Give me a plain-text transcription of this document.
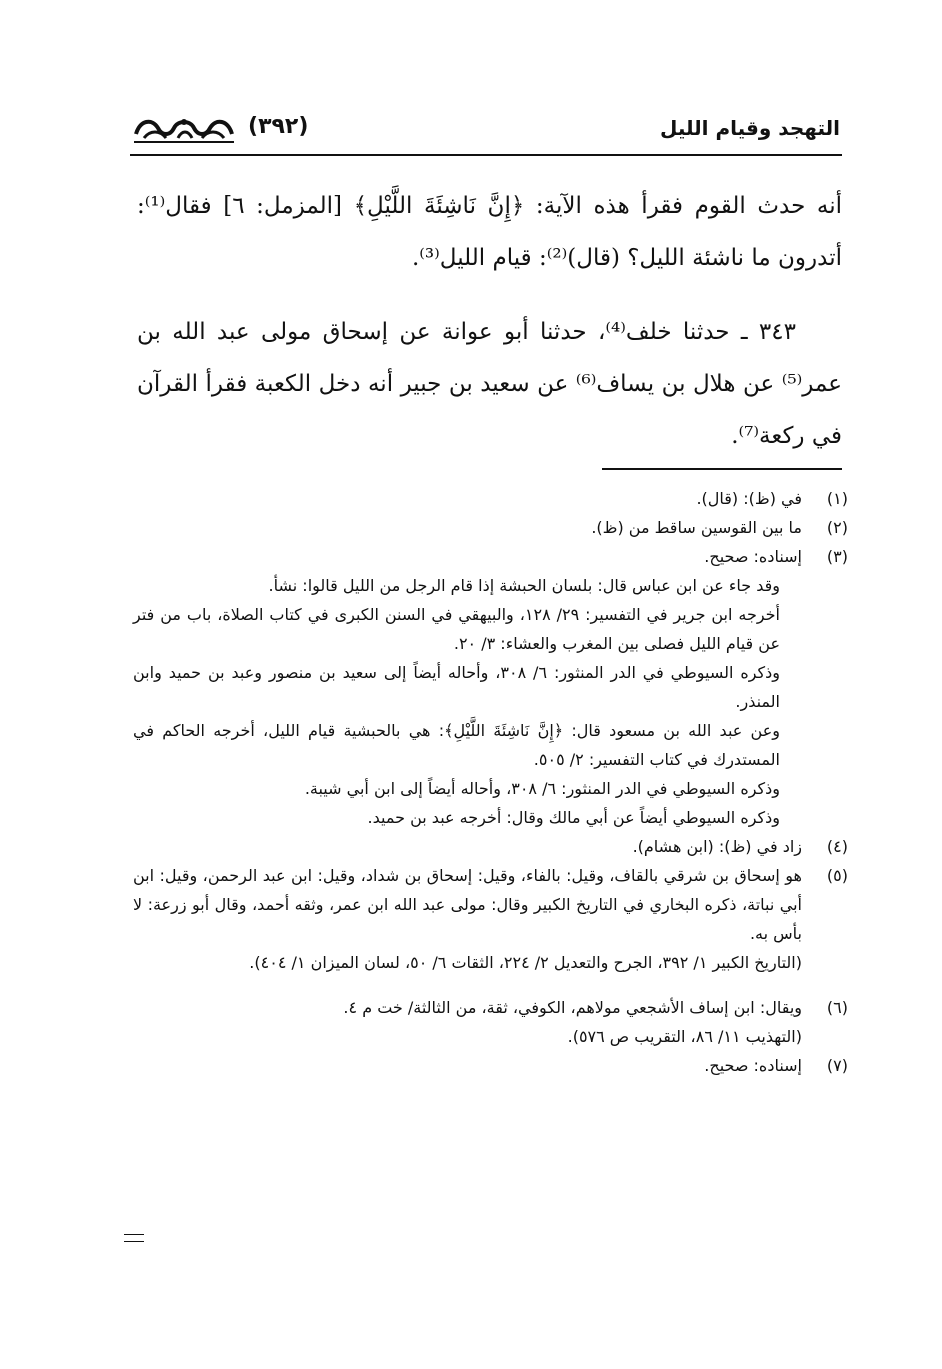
التهجد وقيام الليل
(٣٩٢)

أنه حدث القوم فقرأ هذه الآية: ﴿إِنَّ نَاشِئَةَ اللَّيْلِ﴾ [المزمل: ٦] فقال⁽¹⁾: أتدرون ما ناشئة الليل؟ (قال)⁽²⁾: قيام الليل⁽³⁾.

٣٤٣ ـ حدثنا خلف⁽⁴⁾، حدثنا أبو عوانة عن إسحاق مولى عبد الله بن عمر⁽⁵⁾ عن هلال بن يساف⁽⁶⁾ عن سعيد بن جبير أنه دخل الكعبة فقرأ القرآن في ركعة⁽⁷⁾.

(١)

في (ظ): (قال).

(٢)

ما بين القوسين ساقط من (ظ).

(٣)

إسناده: صحيح.

وقد جاء عن ابن عباس قال: بلسان الحبشة إذا قام الرجل من الليل قالوا: نشأ.

أخرجه ابن جرير في التفسير: ٢٩/ ١٢٨، والبيهقي في السنن الكبرى في كتاب الصلاة، باب من فتر عن قيام الليل فصلى بين المغرب والعشاء: ٣/ ٢٠.

وذكره السيوطي في الدر المنثور: ٦/ ٣٠٨، وأحاله أيضاً إلى سعيد بن منصور وعبد بن حميد وابن المنذر.

وعن عبد الله بن مسعود قال: ﴿إِنَّ نَاشِئَةَ اللَّيْلِ﴾: هي بالحبشية قيام الليل، أخرجه الحاكم في المستدرك في كتاب التفسير: ٢/ ٥٠٥.

وذكره السيوطي في الدر المنثور: ٦/ ٣٠٨، وأحاله أيضاً إلى ابن أبي شيبة.

وذكره السيوطي أيضاً عن أبي مالك وقال: أخرجه عبد بن حميد.

(٤)

زاد في (ظ): (ابن هشام).

(٥)

هو إسحاق بن شرقي بالقاف، وقيل: بالفاء، وقيل: إسحاق بن شداد، وقيل: ابن عبد الرحمن، وقيل: ابن أبي نباتة، ذكره البخاري في التاريخ الكبير وقال: مولى عبد الله ابن عمر، وثقه أحمد، وقال أبو زرعة: لا بأس به.

(التاريخ الكبير ١/ ٣٩٢، الجرح والتعديل ٢/ ٢٢٤، الثقات ٦/ ٥٠، لسان الميزان ١/ ٤٠٤).

(٦)

ويقال: ابن إساف الأشجعي مولاهم، الكوفي، ثقة، من الثالثة/ خت م ٤.

(التهذيب ١١/ ٨٦، التقريب ص ٥٧٦).

(٧)

إسناده: صحيح.
